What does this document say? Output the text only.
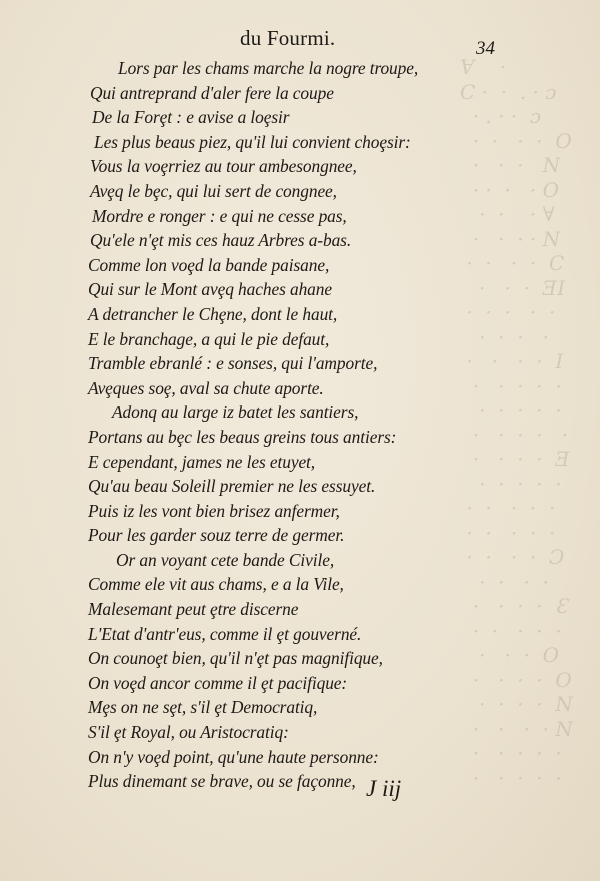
Ɐ    ·
C ·  ·  . · ɔ
· . · ·  ɔ
·  ·   ·  ·  O
·   ·  ·   N
· ·  ·   · O
·  ·    · ∀
·   ·  · · N
·  ·   ·  ·  C
·   ·  ·  ƎI
·  ·  ·   ·  ·
·  ·  ·   ·
·   ·   ·  ·  I
·   ·  ·  ·  ·
·  ·  ·  ·  ·
·   ·  ·  ·   ·
·   ·  ·  ·  Ǝ
·  ·  ·  ·  ·
·  ·   ·  ·  ·
·  ·   ·  ·  ·
·  ·   ·  ·  Ɔ
·  ·   ·  ·
·   ·  ·  ·  Ɛ
·  ·   ·  ·  ·
·   ·  ·  O
·   ·  ·  ·  O
·  ·  ·  ·  N
·   ·   ·  · N
·   ·  ·  ·  ·
·   ·  ·  ·  ·
du Fourmi.	34
Lors par les chams marche la nogre troupe,
Qui antreprand d'aler fere la coupe
De la Forȩt : e avise a loȩsir
Les plus beaus piez, qu'il lui convient choȩsir:
Vous la voȩrriez au tour ambesongnee,
Avȩq le bȩc, qui lui sert de congnee,
Mordre e ronger : e qui ne cesse pas,
Qu'ele n'ȩt mis ces hauz Arbres a-bas.
Comme lon voȩd la bande paisane,
Qui sur le Mont avȩq haches ahane
A detrancher le Chȩne, dont le haut,
E le branchage, a qui le pie defaut,
Tramble ebranlé : e sonses, qui l'amporte,
Avȩques soȩ, aval sa chute aporte.
Adonq au large iz batet les santiers,
Portans au bȩc les beaus greins tous antiers:
E cependant, james ne les etuyet,
Qu'au beau Soleill premier ne les essuyet.
Puis iz les vont bien brisez anfermer,
Pour les garder souz terre de germer.
Or an voyant cete bande Civile,
Comme ele vit aus chams, e a la Vile,
Malesemant peut ȩtre discerne
L'Etat d'antr'eus, comme il ȩt gouverné.
On counoȩt bien, qu'il n'ȩt pas magnifique,
On voȩd ancor comme il ȩt pacifique:
Mȩs on ne sȩt, s'il ȩt Democratiq,
S'il ȩt Royal, ou Aristocratiq:
On n'y voȩd point, qu'une haute personne:
Plus dinemant se brave, ou se façonne, J iij
